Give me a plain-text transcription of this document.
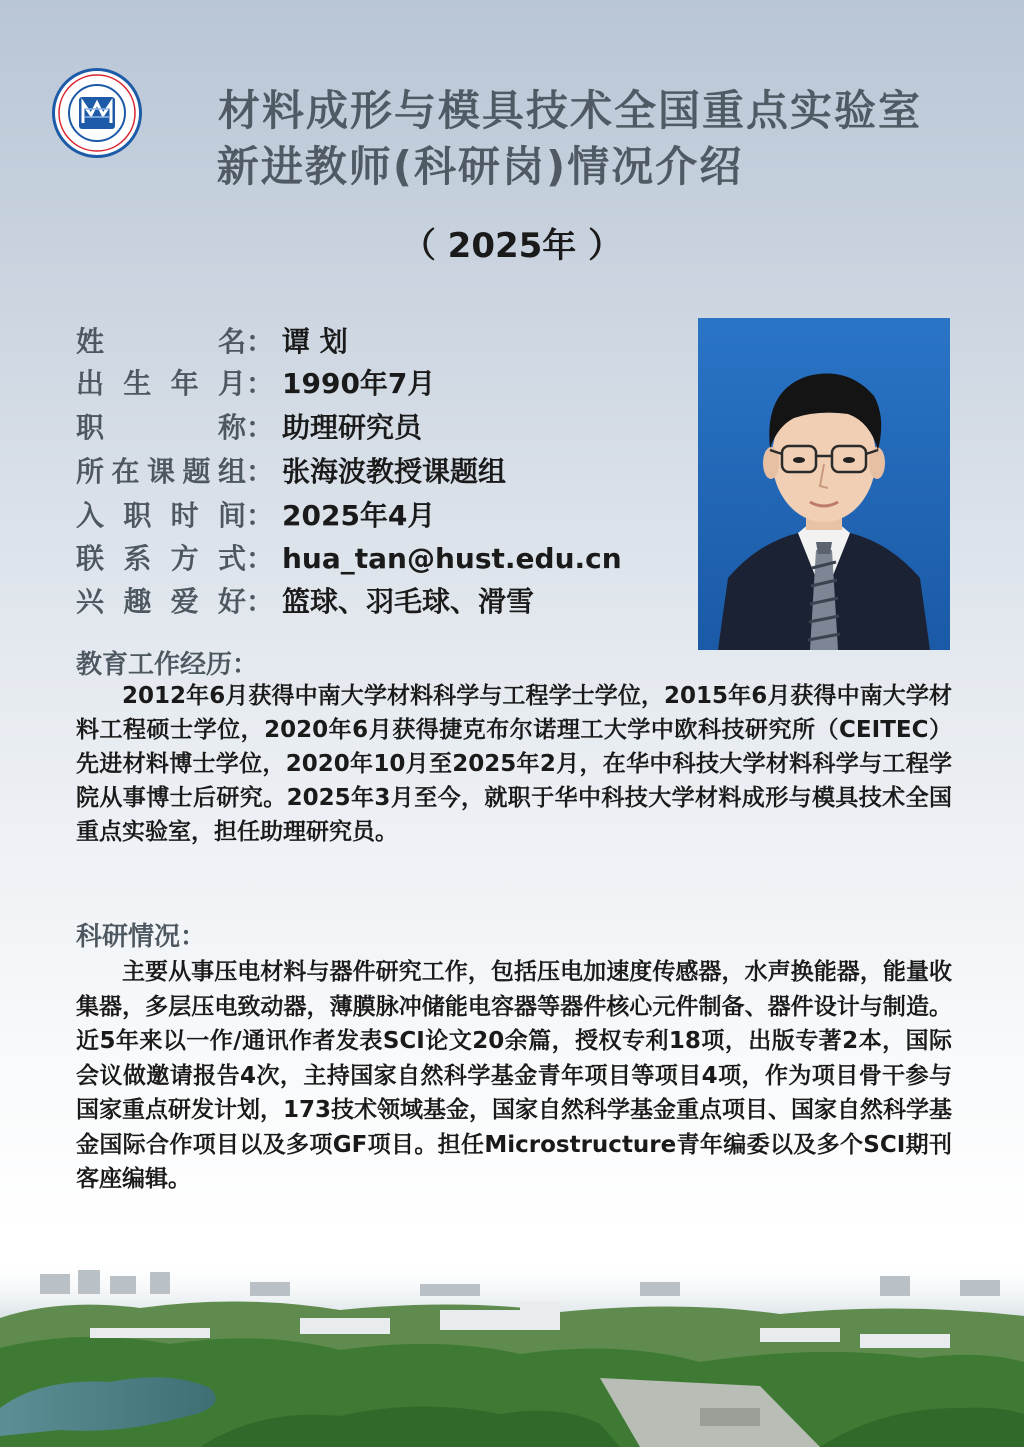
材料成形与模具技术全国重点实验室
新进教师(科研岗)情况介绍
（ 2025年 ）
姓	名 ： 谭 划
出 生 年 月 ： 1990年7月
职	称 ： 助理研究员
所 在 课 题 组 ： 张海波教授课题组
入 职 时 间 ： 2025年4月
联 系 方 式 ： hua_tan@hust.edu.cn
兴 趣 爱 好 ： 篮球、羽毛球、滑雪
教育工作经历：
2012年6月获得中南大学材料科学与工程学士学位，2015年6月获得中南大学材料工程硕士学位，2020年6月获得捷克布尔诺理工大学中欧科技研究所（CEITEC）先进材料博士学位，2020年10月至2025年2月，在华中科技大学材料科学与工程学院从事博士后研究。2025年3月至今，就职于华中科技大学材料成形与模具技术全国重点实验室，担任助理研究员。
科研情况：
主要从事压电材料与器件研究工作，包括压电加速度传感器，水声换能器，能量收集器，多层压电致动器，薄膜脉冲储能电容器等器件核心元件制备、器件设计与制造。近5年来以一作/通讯作者发表SCI论文20余篇，授权专利18项，出版专著2本，国际会议做邀请报告4次，主持国家自然科学基金青年项目等项目4项，作为项目骨干参与国家重点研发计划，173技术领域基金，国家自然科学基金重点项目、国家自然科学基金国际合作项目以及多项GF项目。担任Microstructure青年编委以及多个SCI期刊客座编辑。
